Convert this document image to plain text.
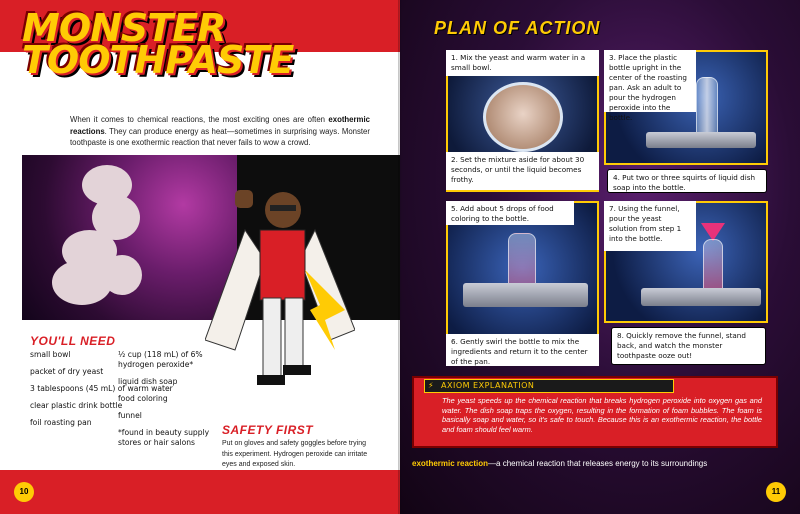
MONSTER
TOOTHPASTE

When it comes to chemical reactions, the most exciting ones are often exothermic reactions. They can produce energy as heat—sometimes in surprising ways. Monster toothpaste is one exothermic reaction that never fails to wow a crowd.

YOU'LL NEED
small bowl
packet of dry yeast
3 tablespoons (45 mL) of warm water
clear plastic drink bottle
foil roasting pan
½ cup (118 mL) of 6% hydrogen peroxide*
liquid dish soap
food coloring
funnel
*found in beauty supply stores or hair salons
SAFETY FIRST

Put on gloves and safety goggles before trying this experiment. Hydrogen peroxide can irritate eyes and exposed skin.

10
PLAN OF ACTION
1. Mix the yeast and warm water in a small bowl.
2. Set the mixture aside for about 30 seconds, or until the liquid becomes frothy.
3. Place the plastic bottle upright in the center of the roasting pan. Ask an adult to pour the hydrogen peroxide into the bottle.
4. Put two or three squirts of liquid dish soap into the bottle.
5. Add about 5 drops of food coloring to the bottle.
6. Gently swirl the bottle to mix the ingredients and return it to the center of the pan.
7. Using the funnel, pour the yeast solution from step 1 into the bottle.
8. Quickly remove the funnel, stand back, and watch the monster toothpaste ooze out!
⚡ AXIOM EXPLANATION

The yeast speeds up the chemical reaction that breaks hydrogen peroxide into oxygen gas and water. The dish soap traps the oxygen, resulting in the formation of foam bubbles. The foam is basically soap and water, so it's safe to touch. Because this is an exothermic reaction, the bottle and foam should feel warm.

exothermic reaction—a chemical reaction that releases energy to its surroundings

11
